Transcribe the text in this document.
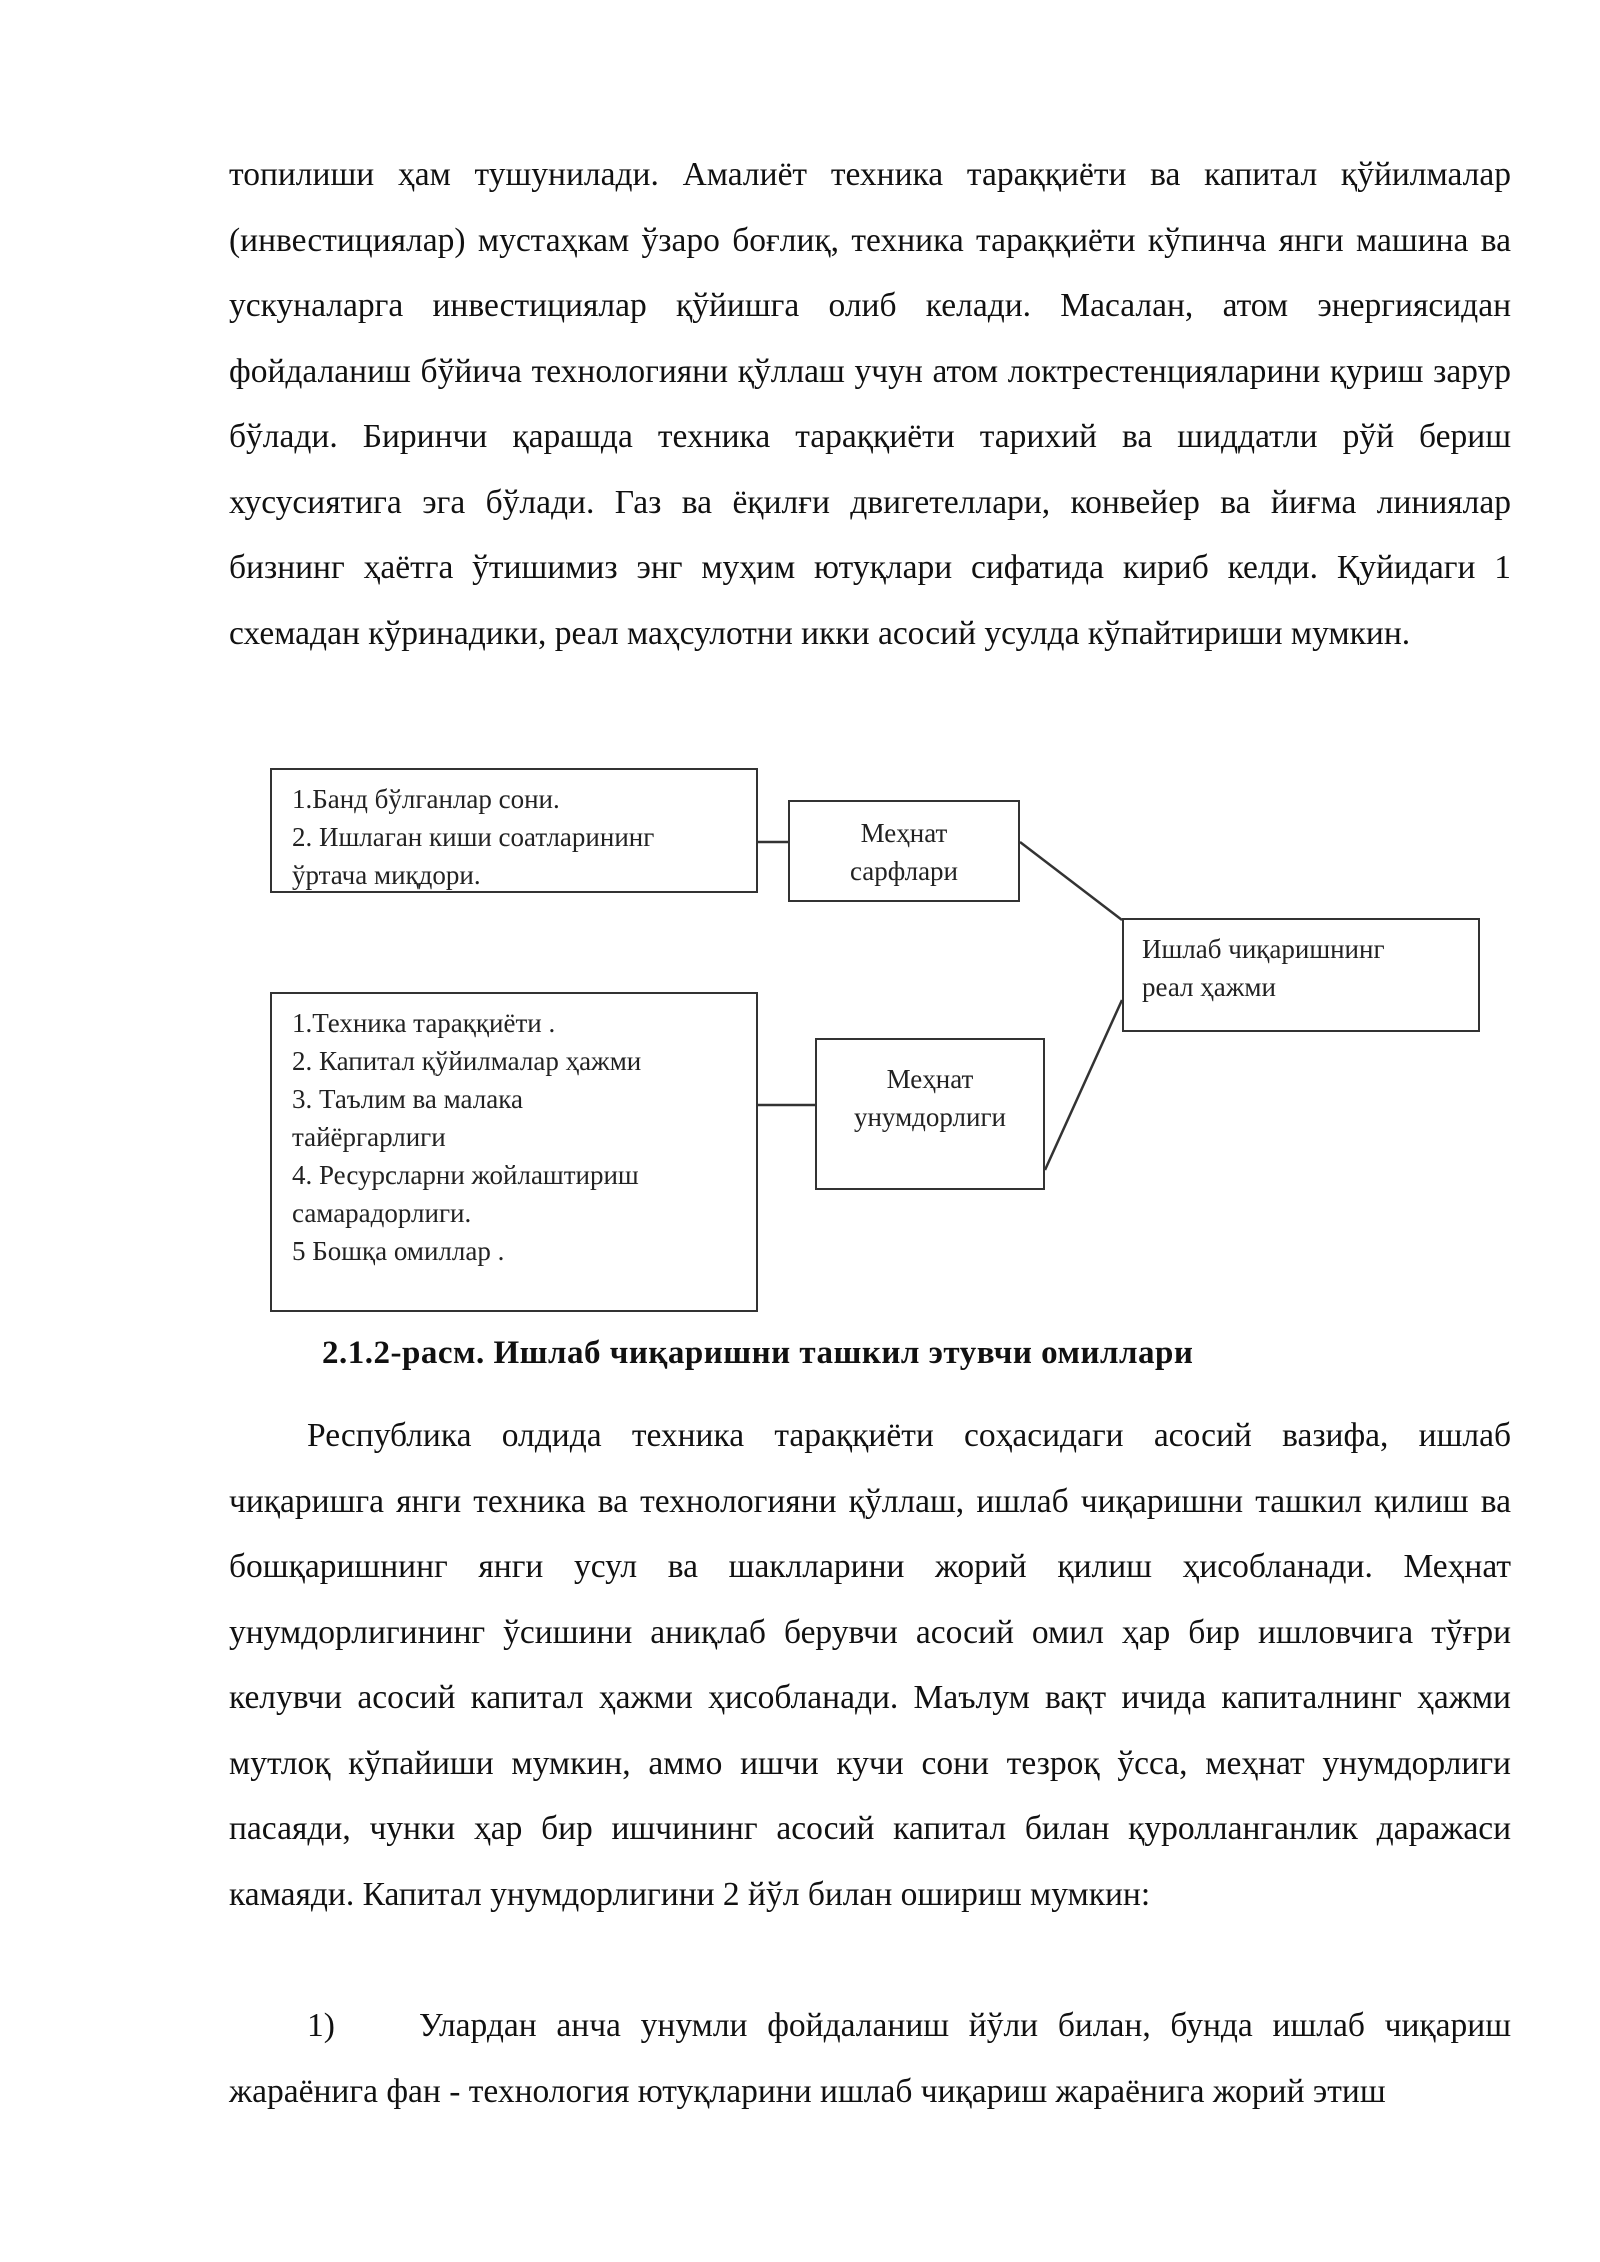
топилиши ҳам тушунилади. Амалиёт техника тараққиёти ва капитал қўйилмалар (инвестициялар) мустаҳкам ўзаро боғлиқ, техника тараққиёти кўпинча янги машина ва ускуналарга инвестициялар қўйишга олиб келади. Масалан, атом энергиясидан фойдаланиш бўйича технологияни қўллаш учун атом локтрестенцияларини қуриш зарур бўлади. Биринчи қарашда техника тараққиёти тарихий ва шиддатли рўй бериш хусусиятига эга бўлади. Газ ва ёқилғи двигетеллари, конвейер ва йиғма линиялар бизнинг ҳаётга ўтишимиз энг муҳим ютуқлари сифатида кириб келди. Қуйидаги 1 схемадан кўринадики, реал маҳсулотни икки асосий усулда кўпайтириши мумкин.

1.Банд бўлганлар сони.
2. Ишлаган киши соатларининг
ўртача миқдори.
Меҳнат
сарфлари
Ишлаб чиқаришнинг
реал ҳажми
1.Техника тараққиёти .
2. Капитал қўйилмалар ҳажми
3. Таълим ва малака
тайёргарлиги
4. Ресурсларни жойлаштириш
самарадорлиги.
5 Бошқа омиллар .
Меҳнат
унумдорлиги
2.1.2-расм. Ишлаб чиқаришни ташкил этувчи омиллари

Республика олдида техника тараққиёти соҳасидаги асосий вазифа, ишлаб чиқаришга янги техника ва технологияни қўллаш, ишлаб чиқаришни ташкил қилиш ва бошқаришнинг янги усул ва шаклларини жорий қилиш ҳисобланади. Меҳнат унумдорлигининг ўсишини аниқлаб берувчи асосий омил ҳар бир ишловчига тўғри келувчи асосий капитал ҳажми ҳисобланади. Маълум вақт ичида капиталнинг ҳажми мутлоқ кўпайиши мумкин, аммо ишчи кучи сони тезроқ ўсса, меҳнат унумдорлиги пасаяди, чунки ҳар бир ишчининг асосий капитал билан қуролланганлик даражаси камаяди. Капитал унумдорлигини 2 йўл билан ошириш мумкин:

1)	Улардан анча унумли фойдаланиш йўли билан, бунда ишлаб чиқариш жараёнига фан - технология ютуқларини ишлаб чиқариш жараёнига жорий этиш
